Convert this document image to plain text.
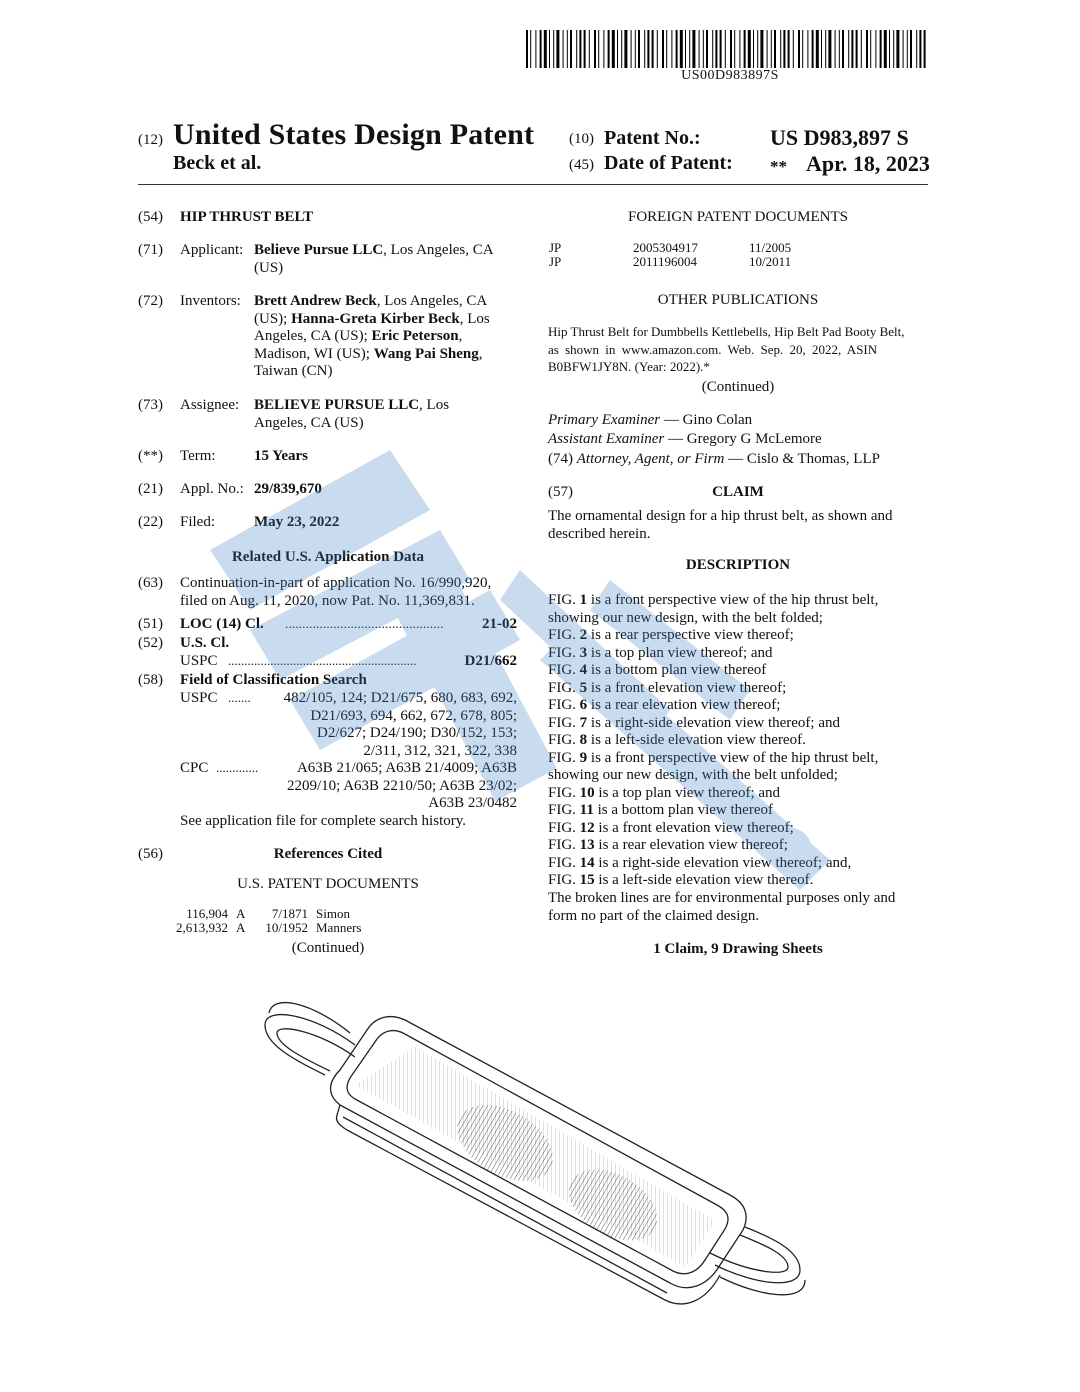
US00D983897S
(12) United States Design Patent
Beck et al.
(10) Patent No.:	US D983,897 S
(45) Date of Patent: ** Apr. 18, 2023
(54) HIP THRUST BELT
(71) Applicant: Believe Pursue LLC, Los Angeles, CA
(US)
(72) Inventors: Brett Andrew Beck, Los Angeles, CA
(US); Hanna-Greta Kirber Beck, Los
Angeles, CA (US); Eric Peterson,
Madison, WI (US); Wang Pai Sheng,
Taiwan (CN)
(73) Assignee: BELIEVE PURSUE LLC, Los
Angeles, CA (US)
(**) Term:	15 Years
(21) Appl. No.: 29/839,670
(22) Filed:	May 23, 2022
Related U.S. Application Data
(63) Continuation-in-part of application No. 16/990,920,
filed on Aug. 11, 2020, now Pat. No. 11,369,831.
(51) LOC (14) Cl. ..............................................	21-02
(52) U.S. Cl.
USPC ..........................................................	D21/662
(58) Field of Classification Search
USPC .......	482/105, 124; D21/675, 680, 683, 692,
D21/693, 694, 662, 672, 678, 805;
D2/627; D24/190; D30/152, 153;
2/311, 312, 321, 322, 338
CPC .............	A63B 21/065; A63B 21/4009; A63B
2209/10; A63B 2210/50; A63B 23/02;
A63B 23/0482
See application file for complete search history.
(56)	References Cited
U.S. PATENT DOCUMENTS
116,904	A	7/1871	Simon
2,613,932	A	10/1952	Manners
(Continued)
FOREIGN PATENT DOCUMENTS
JP	2005304917	11/2005
JP	2011196004	10/2011
OTHER PUBLICATIONS
Hip Thrust Belt for Dumbbells Kettlebells, Hip Belt Pad Booty Belt,
as shown in www.amazon.com. Web. Sep. 20, 2022, ASIN
B0BFW1JY8N. (Year: 2022).*
(Continued)
Primary Examiner — Gino Colan
Assistant Examiner — Gregory G McLemore
(74) Attorney, Agent, or Firm — Cislo & Thomas, LLP
(57)	CLAIM
The ornamental design for a hip thrust belt, as shown and
described herein.
DESCRIPTION
FIG. 1 is a front perspective view of the hip thrust belt,
showing our new design, with the belt folded;
FIG. 2 is a rear perspective view thereof;
FIG. 3 is a top plan view thereof; and
FIG. 4 is a bottom plan view thereof
FIG. 5 is a front elevation view thereof;
FIG. 6 is a rear elevation view thereof;
FIG. 7 is a right-side elevation view thereof; and
FIG. 8 is a left-side elevation view thereof.
FIG. 9 is a front perspective view of the hip thrust belt,
showing our new design, with the belt unfolded;
FIG. 10 is a top plan view thereof; and
FIG. 11 is a bottom plan view thereof
FIG. 12 is a front elevation view thereof;
FIG. 13 is a rear elevation view thereof;
FIG. 14 is a right-side elevation view thereof; and,
FIG. 15 is a left-side elevation view thereof.
The broken lines are for environmental purposes only and
form no part of the claimed design.
1 Claim, 9 Drawing Sheets
